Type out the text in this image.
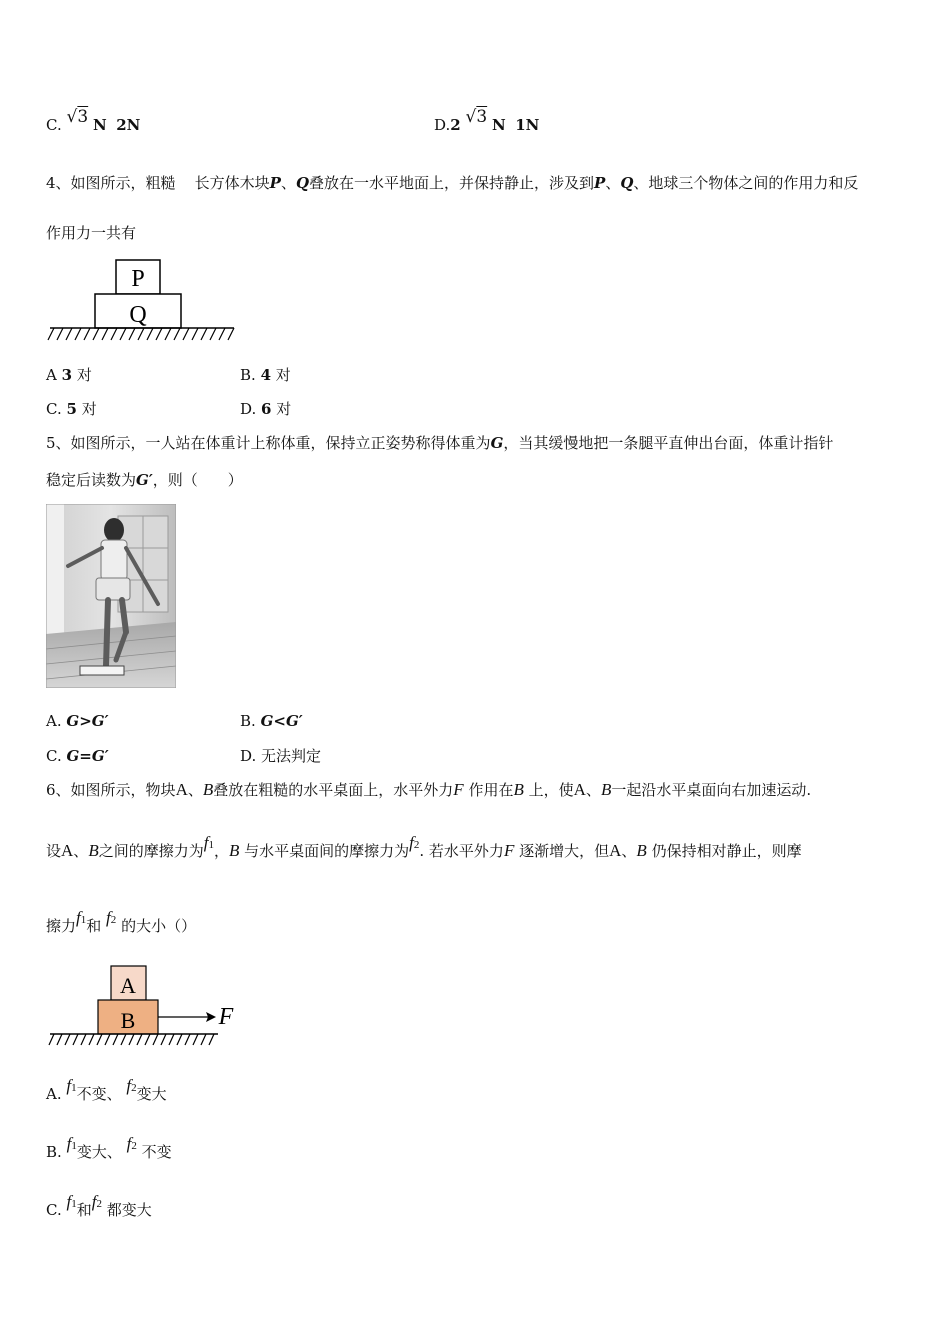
C. √3 N 2N	D.2 √3 N 1N
4、如图所示，粗糙 长方体木块P、Q叠放在一水平地面上，并保持静止，涉及到P、Q、地球三个物体之间的作用力和反
作用力一共有
P
Q
A 3 对	B. 4 对
C. 5 对	D. 6 对
5、如图所示，一人站在体重计上称体重，保持立正姿势称得体重为G，当其缓慢地把一条腿平直伸出台面，体重计指针
稳定后读数为G′，则（　　）
A. G>G′	B. G<G′
C. G=G′	D. 无法判定
6、如图所示，物块A、B叠放在粗糙的水平桌面上，水平外力F 作用在B 上，使A、B一起沿水平桌面向右加速运动.
设A、B之间的摩擦力为f1，B 与水平桌面间的摩擦力为f2. 若水平外力F 逐渐增大，但A、B 仍保持相对静止，则摩
擦力f1和 f2 的大小（）
A
B	F
A. f1不变、 f2变大
B. f1变大、 f2 不变
C. f1和f2 都变大
